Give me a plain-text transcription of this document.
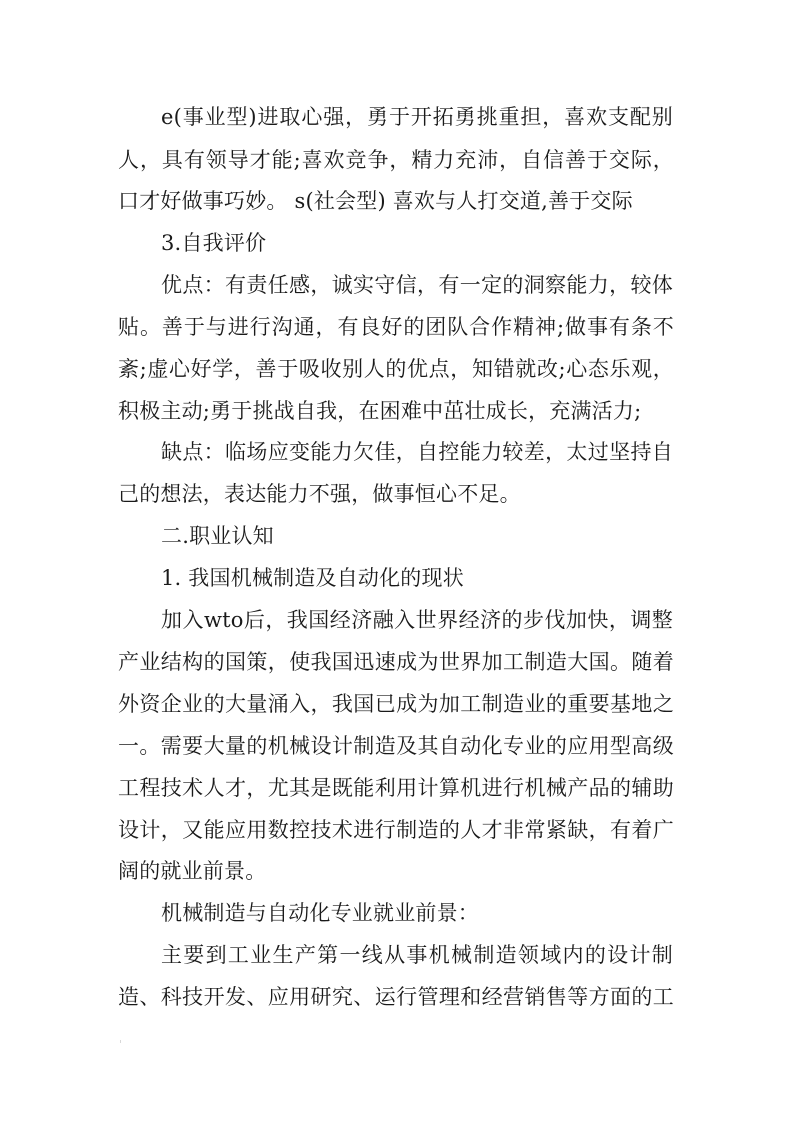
e(事业型)进取心强，勇于开拓勇挑重担，喜欢支配别
人，具有领导才能;喜欢竞争，精力充沛，自信善于交际，
口才好做事巧妙。 s(社会型) 喜欢与人打交道,善于交际
3.自我评价
优点：有责任感，诚实守信，有一定的洞察能力，较体
贴。善于与进行沟通，有良好的团队合作精神;做事有条不
紊;虚心好学，善于吸收别人的优点，知错就改;心态乐观，
积极主动;勇于挑战自我，在困难中茁壮成长，充满活力;
缺点：临场应变能力欠佳，自控能力较差，太过坚持自
己的想法，表达能力不强，做事恒心不足。
二.职业认知
1. 我国机械制造及自动化的现状
加入wto后，我国经济融入世界经济的步伐加快，调整
产业结构的国策，使我国迅速成为世界加工制造大国。随着
外资企业的大量涌入，我国已成为加工制造业的重要基地之
一。需要大量的机械设计制造及其自动化专业的应用型高级
工程技术人才，尤其是既能利用计算机进行机械产品的辅助
设计，又能应用数控技术进行制造的人才非常紧缺，有着广
阔的就业前景。
机械制造与自动化专业就业前景：
主要到工业生产第一线从事机械制造领域内的设计制
造、科技开发、应用研究、运行管理和经营销售等方面的工
